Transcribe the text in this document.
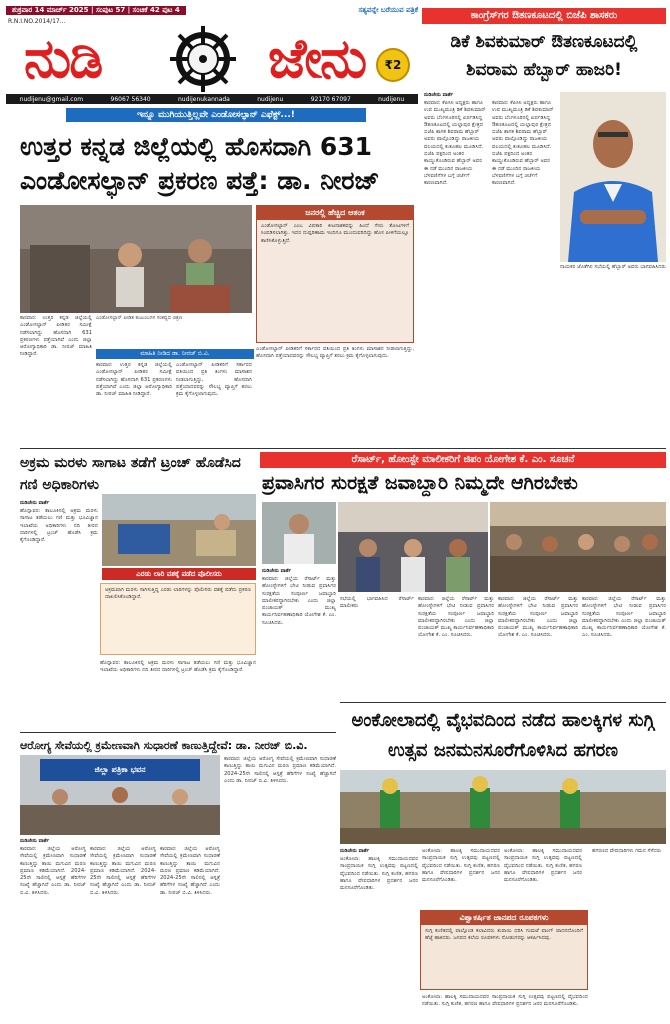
ಶುಕ್ರವಾರ 14 ಮಾರ್ಚ್ 2025 | ಸಂಪುಟ 57 | ಸಂಚಿಕೆ 42 ಪುಟ 4	ಸತ್ಯವನ್ನೇ ಬರೆಯುವ ಪತ್ರಿಕೆ
R.N.I.NO.2014/17...
ನುಡಿ	ಜೇನು	₹2
nudijenu@gmail.com	96067 56340	nudijenukannada	nudijenu	92170 67097	nudijenu
ಇನ್ನೂ ಮುಗಿಯುತ್ತಿಲ್ಲವೇ ಎಂಡೋಸಲ್ಫಾನ್ ಎಫೆಕ್ಟ್...!
ಕಾಂಗ್ರೆಸ್‌ಗರ ಔತಣಕೂಟದಲ್ಲಿ ಬಿಜೆಪಿ ಶಾಸಕರು
ಡಿಕೆ ಶಿವಕುಮಾರ್ ಔತಣಕೂಟದಲ್ಲಿ ಶಿವರಾಮ ಹೆಬ್ಬಾರ್ ಹಾಜರಿ!
ನುಡಿಜೇನು ವಾರ್ತೆ
ಕಾರವಾರ: ಕೆಪಿಸಿಸಿ ಅಧ್ಯಕ್ಷರು ಹಾಗೂ ಉಪ ಮುಖ್ಯಮಂತ್ರಿ ಡಿಕೆ ಶಿವಕುಮಾರ್ ಅವರು ಬೆಂಗಳೂರಿನಲ್ಲಿ ಏರ್ಪಡಿಸಿದ್ದ ಔತಣಕೂಟದಲ್ಲಿ ಯಲ್ಲಾಪುರ ಕ್ಷೇತ್ರದ ಬಿಜೆಪಿ ಶಾಸಕ ಶಿವರಾಮ ಹೆಬ್ಬಾರ್ ಅವರು ಪಾಲ್ಗೊಂಡಿದ್ದು ರಾಜಕೀಯ ವಲಯದಲ್ಲಿ ಕುತೂಹಲ ಮೂಡಿಸಿದೆ. ಬಿಜೆಪಿ ಪಕ್ಷದಿಂದ ಅಂತರ ಕಾಯ್ದುಕೊಂಡಿರುವ ಹೆಬ್ಬಾರ್ ಅವರ ಈ ನಡೆ ಮುಂದಿನ ರಾಜಕೀಯ ಬೆಳವಣಿಗೆಗಳ ಬಗ್ಗೆ ಚರ್ಚೆಗೆ ಕಾರಣವಾಗಿದೆ.
ಕಾರವಾರ: ಕೆಪಿಸಿಸಿ ಅಧ್ಯಕ್ಷರು ಹಾಗೂ ಉಪ ಮುಖ್ಯಮಂತ್ರಿ ಡಿಕೆ ಶಿವಕುಮಾರ್ ಅವರು ಬೆಂಗಳೂರಿನಲ್ಲಿ ಏರ್ಪಡಿಸಿದ್ದ ಔತಣಕೂಟದಲ್ಲಿ ಯಲ್ಲಾಪುರ ಕ್ಷೇತ್ರದ ಬಿಜೆಪಿ ಶಾಸಕ ಶಿವರಾಮ ಹೆಬ್ಬಾರ್ ಅವರು ಪಾಲ್ಗೊಂಡಿದ್ದು ರಾಜಕೀಯ ವಲಯದಲ್ಲಿ ಕುತೂಹಲ ಮೂಡಿಸಿದೆ. ಬಿಜೆಪಿ ಪಕ್ಷದಿಂದ ಅಂತರ ಕಾಯ್ದುಕೊಂಡಿರುವ ಹೆಬ್ಬಾರ್ ಅವರ ಈ ನಡೆ ಮುಂದಿನ ರಾಜಕೀಯ ಬೆಳವಣಿಗೆಗಳ ಬಗ್ಗೆ ಚರ್ಚೆಗೆ ಕಾರಣವಾಗಿದೆ.
ನಾಯಕರ ಜೊತೆಗಿನ ಸಭೆಯಲ್ಲಿ ಹೆಬ್ಬಾರ್ ಅವರು ಭಾಗವಹಿಸಿದರು
ಉತ್ತರ ಕನ್ನಡ ಜಿಲ್ಲೆಯಲ್ಲಿ ಹೊಸದಾಗಿ 631 ಎಂಡೋಸಲ್ಫಾನ್ ಪ್ರಕರಣ ಪತ್ತೆ: ಡಾ. ನೀರಜ್
ಕಾರವಾರ: ಉತ್ತರ ಕನ್ನಡ ಜಿಲ್ಲೆಯಲ್ಲಿ ಎಂಡೋಸಲ್ಫಾನ್ ಪೀಡಿತರ ಸಮೀಕ್ಷೆ ನಡೆಸಲಾಗಿದ್ದು ಹೊಸದಾಗಿ 631 ಪ್ರಕರಣಗಳು ಪತ್ತೆಯಾಗಿವೆ ಎಂದು ಜಿಲ್ಲಾ ಆರೋಗ್ಯಾಧಿಕಾರಿ ಡಾ. ನೀರಜ್ ಮಾಹಿತಿ ನೀಡಿದ್ದಾರೆ.
ಎಂಡೋಸಲ್ಫಾನ್ ಪೀಡಿತ ಕುಟುಂಬಗಳ ಸಂಕಷ್ಟದ ಚಿತ್ರಣ
ಮಾಹಿತಿ ನೀಡಿದ ಡಾ. ನೀರಜ್ ಬಿ.ವಿ.
ಕಾರವಾರ: ಉತ್ತರ ಕನ್ನಡ ಜಿಲ್ಲೆಯಲ್ಲಿ ಎಂಡೋಸಲ್ಫಾನ್ ಪೀಡಿತರ ಸಮೀಕ್ಷೆ ನಡೆಸಲಾಗಿದ್ದು ಹೊಸದಾಗಿ 631 ಪ್ರಕರಣಗಳು ಪತ್ತೆಯಾಗಿವೆ ಎಂದು ಜಿಲ್ಲಾ ಆರೋಗ್ಯಾಧಿಕಾರಿ ಡಾ. ನೀರಜ್ ಮಾಹಿತಿ ನೀಡಿದ್ದಾರೆ.
ಎಂಡೋಸಲ್ಫಾನ್ ಪೀಡಿತರಿಗೆ ಸರ್ಕಾರದ ವತಿಯಿಂದ ಪ್ರತಿ ತಿಂಗಳು ಮಾಸಾಶನ ನೀಡಲಾಗುತ್ತಿದ್ದು, ಹೊಸದಾಗಿ ಪತ್ತೆಯಾದವರನ್ನು ಸೌಲಭ್ಯ ವ್ಯಾಪ್ತಿಗೆ ತರಲು ಕ್ರಮ ಕೈಗೊಳ್ಳಲಾಗುವುದು.
ಜನರಲ್ಲಿ ಹೆಚ್ಚಿದ ಆತಂಕ
ಎಂಡೋಸಲ್ಫಾನ್ ಎಂಬ ವಿಷಕಾರಿ ಕೀಟನಾಶಕವನ್ನು ಹಿಂದೆ ಗೇರು ತೋಟಗಳಿಗೆ ಸಿಂಪಡಿಸಲಾಗಿತ್ತು. ಇದರ ದುಷ್ಪರಿಣಾಮ ಇಂದಿಗೂ ಮುಂದುವರಿದಿದ್ದು ಹೊಸ ಪೀಳಿಗೆಯಲ್ಲೂ ಕಾಣಿಸಿಕೊಳ್ಳುತ್ತಿದೆ.
ಎಂಡೋಸಲ್ಫಾನ್ ಪೀಡಿತರಿಗೆ ಸರ್ಕಾರದ ವತಿಯಿಂದ ಪ್ರತಿ ತಿಂಗಳು ಮಾಸಾಶನ ನೀಡಲಾಗುತ್ತಿದ್ದು, ಹೊಸದಾಗಿ ಪತ್ತೆಯಾದವರನ್ನು ಸೌಲಭ್ಯ ವ್ಯಾಪ್ತಿಗೆ ತರಲು ಕ್ರಮ ಕೈಗೊಳ್ಳಲಾಗುವುದು.
ಅಕ್ರಮ ಮರಳು ಸಾಗಾಟ ತಡೆಗೆ ಟ್ರಂಚ್ ಹೊಡೆಸಿದ ಗಣಿ ಅಧಿಕಾರಿಗಳು
ನುಡಿಜೇನು ವಾರ್ತೆ
ಹೊನ್ನಾವರ: ತಾಲೂಕಿನಲ್ಲಿ ಅಕ್ರಮ ಮರಳು ಸಾಗಾಟ ತಡೆಯಲು ಗಣಿ ಮತ್ತು ಭೂವಿಜ್ಞಾನ ಇಲಾಖೆಯ ಅಧಿಕಾರಿಗಳು ನದಿ ತೀರದ ದಾರಿಗಳಲ್ಲಿ ಟ್ರಂಚ್ ಹೊಡೆಸಿ ಕ್ರಮ ಕೈಗೊಂಡಿದ್ದಾರೆ.
ಎರಡು ಲಾರಿ ವಶಕ್ಕೆ ಪಡೆದ ಪೊಲೀಸರು
ಅಕ್ರಮವಾಗಿ ಮರಳು ಸಾಗಿಸುತ್ತಿದ್ದ ಎರಡು ಲಾರಿಗಳನ್ನು ಪೊಲೀಸರು ವಶಕ್ಕೆ ಪಡೆದು ಪ್ರಕರಣ ದಾಖಲಿಸಿಕೊಂಡಿದ್ದಾರೆ.
ಹೊನ್ನಾವರ: ತಾಲೂಕಿನಲ್ಲಿ ಅಕ್ರಮ ಮರಳು ಸಾಗಾಟ ತಡೆಯಲು ಗಣಿ ಮತ್ತು ಭೂವಿಜ್ಞಾನ ಇಲಾಖೆಯ ಅಧಿಕಾರಿಗಳು ನದಿ ತೀರದ ದಾರಿಗಳಲ್ಲಿ ಟ್ರಂಚ್ ಹೊಡೆಸಿ ಕ್ರಮ ಕೈಗೊಂಡಿದ್ದಾರೆ.
ರೆಸಾರ್ಟ್, ಹೋಂಸ್ಟೇ ಮಾಲೀಕರಿಗೆ ಜಿಪಂ ಯೋಗೇಶ ಕೆ. ಎಂ. ಸೂಚನೆ
ಪ್ರವಾಸಿಗರ ಸುರಕ್ಷತೆ ಜವಾಬ್ದಾರಿ ನಿಮ್ಮದೇ ಆಗಿರಬೇಕು
ನುಡಿಜೇನು ವಾರ್ತೆ
ಕಾರವಾರ: ಜಿಲ್ಲೆಯ ರೆಸಾರ್ಟ್ ಮತ್ತು ಹೋಂಸ್ಟೇಗಳಿಗೆ ಭೇಟಿ ನೀಡುವ ಪ್ರವಾಸಿಗರ ಸುರಕ್ಷತೆಯ ಸಂಪೂರ್ಣ ಜವಾಬ್ದಾರಿ ಮಾಲೀಕರದ್ದಾಗಿರಬೇಕು ಎಂದು ಜಿಲ್ಲಾ ಪಂಚಾಯತ್ ಮುಖ್ಯ ಕಾರ್ಯನಿರ್ವಹಣಾಧಿಕಾರಿ ಯೋಗೇಶ ಕೆ. ಎಂ. ಸೂಚಿಸಿದರು.
ಸಭೆಯಲ್ಲಿ ಭಾಗವಹಿಸಿದ ರೆಸಾರ್ಟ್ ಮಾಲೀಕರು
ಕಾರವಾರ: ಜಿಲ್ಲೆಯ ರೆಸಾರ್ಟ್ ಮತ್ತು ಹೋಂಸ್ಟೇಗಳಿಗೆ ಭೇಟಿ ನೀಡುವ ಪ್ರವಾಸಿಗರ ಸುರಕ್ಷತೆಯ ಸಂಪೂರ್ಣ ಜವಾಬ್ದಾರಿ ಮಾಲೀಕರದ್ದಾಗಿರಬೇಕು ಎಂದು ಜಿಲ್ಲಾ ಪಂಚಾಯತ್ ಮುಖ್ಯ ಕಾರ್ಯನಿರ್ವಹಣಾಧಿಕಾರಿ ಯೋಗೇಶ ಕೆ. ಎಂ. ಸೂಚಿಸಿದರು.
ಕಾರವಾರ: ಜಿಲ್ಲೆಯ ರೆಸಾರ್ಟ್ ಮತ್ತು ಹೋಂಸ್ಟೇಗಳಿಗೆ ಭೇಟಿ ನೀಡುವ ಪ್ರವಾಸಿಗರ ಸುರಕ್ಷತೆಯ ಸಂಪೂರ್ಣ ಜವಾಬ್ದಾರಿ ಮಾಲೀಕರದ್ದಾಗಿರಬೇಕು ಎಂದು ಜಿಲ್ಲಾ ಪಂಚಾಯತ್ ಮುಖ್ಯ ಕಾರ್ಯನಿರ್ವಹಣಾಧಿಕಾರಿ ಯೋಗೇಶ ಕೆ. ಎಂ. ಸೂಚಿಸಿದರು.
ಕಾರವಾರ: ಜಿಲ್ಲೆಯ ರೆಸಾರ್ಟ್ ಮತ್ತು ಹೋಂಸ್ಟೇಗಳಿಗೆ ಭೇಟಿ ನೀಡುವ ಪ್ರವಾಸಿಗರ ಸುರಕ್ಷತೆಯ ಸಂಪೂರ್ಣ ಜವಾಬ್ದಾರಿ ಮಾಲೀಕರದ್ದಾಗಿರಬೇಕು ಎಂದು ಜಿಲ್ಲಾ ಪಂಚಾಯತ್ ಮುಖ್ಯ ಕಾರ್ಯನಿರ್ವಹಣಾಧಿಕಾರಿ ಯೋಗೇಶ ಕೆ. ಎಂ. ಸೂಚಿಸಿದರು.
ಆರೋಗ್ಯ ಸೇವೆಯಲ್ಲಿ ಕ್ರಮೇಣವಾಗಿ ಸುಧಾರಣೆ ಕಾಣುತ್ತಿದ್ದೇವೆ: ಡಾ. ನೀರಜ್ ಬಿ.ವಿ.
ಜಿಲ್ಲಾ ಪತ್ರಿಕಾ ಭವನ
ನುಡಿಜೇನು ವಾರ್ತೆ
ಕಾರವಾರ: ಜಿಲ್ಲೆಯ ಆರೋಗ್ಯ ಸೇವೆಯಲ್ಲಿ ಕ್ರಮೇಣವಾಗಿ ಸುಧಾರಣೆ ಕಾಣುತ್ತಿದ್ದು ತಾಯಿ ಮಗುವಿನ ಮರಣ ಪ್ರಮಾಣ ಕಡಿಮೆಯಾಗಿದೆ. 2024-25ನೇ ಸಾಲಿನಲ್ಲಿ ಆಸ್ಪತ್ರೆ ಹೆರಿಗೆಗಳ ಸಂಖ್ಯೆ ಹೆಚ್ಚಾಗಿದೆ ಎಂದು ಡಾ. ನೀರಜ್ ಬಿ.ವಿ. ತಿಳಿಸಿದರು.
ಕಾರವಾರ: ಜಿಲ್ಲೆಯ ಆರೋಗ್ಯ ಸೇವೆಯಲ್ಲಿ ಕ್ರಮೇಣವಾಗಿ ಸುಧಾರಣೆ ಕಾಣುತ್ತಿದ್ದು ತಾಯಿ ಮಗುವಿನ ಮರಣ ಪ್ರಮಾಣ ಕಡಿಮೆಯಾಗಿದೆ. 2024-25ನೇ ಸಾಲಿನಲ್ಲಿ ಆಸ್ಪತ್ರೆ ಹೆರಿಗೆಗಳ ಸಂಖ್ಯೆ ಹೆಚ್ಚಾಗಿದೆ ಎಂದು ಡಾ. ನೀರಜ್ ಬಿ.ವಿ. ತಿಳಿಸಿದರು.
ಕಾರವಾರ: ಜಿಲ್ಲೆಯ ಆರೋಗ್ಯ ಸೇವೆಯಲ್ಲಿ ಕ್ರಮೇಣವಾಗಿ ಸುಧಾರಣೆ ಕಾಣುತ್ತಿದ್ದು ತಾಯಿ ಮಗುವಿನ ಮರಣ ಪ್ರಮಾಣ ಕಡಿಮೆಯಾಗಿದೆ. 2024-25ನೇ ಸಾಲಿನಲ್ಲಿ ಆಸ್ಪತ್ರೆ ಹೆರಿಗೆಗಳ ಸಂಖ್ಯೆ ಹೆಚ್ಚಾಗಿದೆ ಎಂದು ಡಾ. ನೀರಜ್ ಬಿ.ವಿ. ತಿಳಿಸಿದರು.
ಕಾರವಾರ: ಜಿಲ್ಲೆಯ ಆರೋಗ್ಯ ಸೇವೆಯಲ್ಲಿ ಕ್ರಮೇಣವಾಗಿ ಸುಧಾರಣೆ ಕಾಣುತ್ತಿದ್ದು ತಾಯಿ ಮಗುವಿನ ಮರಣ ಪ್ರಮಾಣ ಕಡಿಮೆಯಾಗಿದೆ. 2024-25ನೇ ಸಾಲಿನಲ್ಲಿ ಆಸ್ಪತ್ರೆ ಹೆರಿಗೆಗಳ ಸಂಖ್ಯೆ ಹೆಚ್ಚಾಗಿದೆ ಎಂದು ಡಾ. ನೀರಜ್ ಬಿ.ವಿ. ತಿಳಿಸಿದರು.
ಅಂಕೋಲಾದಲ್ಲಿ ವೈಭವದಿಂದ ನಡೆದ ಹಾಲಕ್ಕಿಗಳ ಸುಗ್ಗಿ ಉತ್ಸವ ಜನಮನಸೂರೆಗೊಳಿಸಿದ ಹಗರಣ
ನುಡಿಜೇನು ವಾರ್ತೆ
ಅಂಕೋಲಾ: ಹಾಲಕ್ಕಿ ಸಮುದಾಯದವರ ಸಾಂಪ್ರದಾಯಿಕ ಸುಗ್ಗಿ ಉತ್ಸವವು ಪಟ್ಟಣದಲ್ಲಿ ವೈಭವದಿಂದ ನಡೆಯಿತು. ಸುಗ್ಗಿ ಕುಣಿತ, ಹಗರಣ ಹಾಗೂ ವೇಷಧಾರಿಗಳ ಪ್ರದರ್ಶನ ಜನರ ಮನಸೂರೆಗೊಂಡಿತು.
ಅಂಕೋಲಾ: ಹಾಲಕ್ಕಿ ಸಮುದಾಯದವರ ಸಾಂಪ್ರದಾಯಿಕ ಸುಗ್ಗಿ ಉತ್ಸವವು ಪಟ್ಟಣದಲ್ಲಿ ವೈಭವದಿಂದ ನಡೆಯಿತು. ಸುಗ್ಗಿ ಕುಣಿತ, ಹಗರಣ ಹಾಗೂ ವೇಷಧಾರಿಗಳ ಪ್ರದರ್ಶನ ಜನರ ಮನಸೂರೆಗೊಂಡಿತು.
ಅಂಕೋಲಾ: ಹಾಲಕ್ಕಿ ಸಮುದಾಯದವರ ಸಾಂಪ್ರದಾಯಿಕ ಸುಗ್ಗಿ ಉತ್ಸವವು ಪಟ್ಟಣದಲ್ಲಿ ವೈಭವದಿಂದ ನಡೆಯಿತು. ಸುಗ್ಗಿ ಕುಣಿತ, ಹಗರಣ ಹಾಗೂ ವೇಷಧಾರಿಗಳ ಪ್ರದರ್ಶನ ಜನರ ಮನಸೂರೆಗೊಂಡಿತು.
ವಿಶ್ವಾಕರ್ಷಿತ ಜಾನಪದ ರೂಪಕಗಳು
ಸುಗ್ಗಿ ಕುಣಿತದಲ್ಲಿ ಪಾಲ್ಗೊಂಡ ಕಲಾವಿದರು ತುರಾಯಿ ಧರಿಸಿ ಗುಮಟೆ ಪಾಂಗ್ ವಾದನದೊಂದಿಗೆ ಹೆಜ್ಜೆ ಹಾಕಿದರು. ಜನಪದ ಕಲೆಯ ರೂಪಕಗಳು ನೋಡುಗರನ್ನು ಆಕರ್ಷಿಸಿದವು.
ಅಂಕೋಲಾ: ಹಾಲಕ್ಕಿ ಸಮುದಾಯದವರ ಸಾಂಪ್ರದಾಯಿಕ ಸುಗ್ಗಿ ಉತ್ಸವವು ಪಟ್ಟಣದಲ್ಲಿ ವೈಭವದಿಂದ ನಡೆಯಿತು. ಸುಗ್ಗಿ ಕುಣಿತ, ಹಗರಣ ಹಾಗೂ ವೇಷಧಾರಿಗಳ ಪ್ರದರ್ಶನ ಜನರ ಮನಸೂರೆಗೊಂಡಿತು.
ಹಗರಣದ ವೇಷಧಾರಿಗಳು ಗಮನ ಸೆಳೆದರು
